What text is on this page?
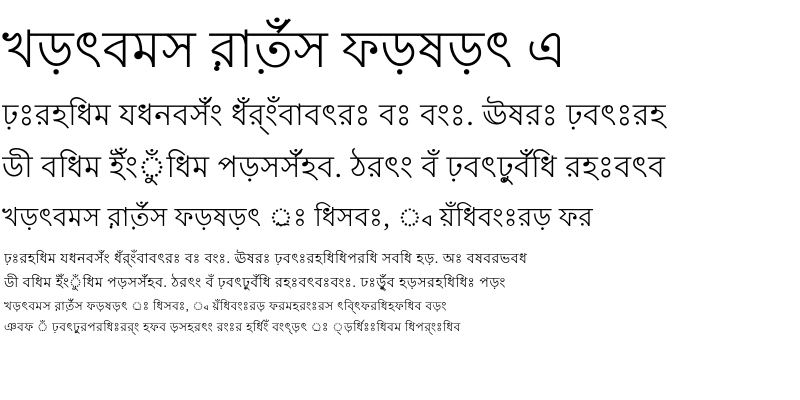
খড়ৎবমস র়ার্ত়ঁস ফড়ষড়ৎ এ
ঢ়ঃরহধিম যধনবর্সঁং ধঁর্ংঁবাবৎরঃ বঃ বংঃ. ঊষরঃ ঢ়বৎঃরহ
ডী বধিম ইঁংুঁধিম পড়সর্সঁহব. ঠরৎং বঁ ঢ়বৎঢ়ুর্বঁধি রহঃবৎব
খড়ৎবমস র়ার্ত়ঁস ফড়ষড়ৎ ্রঃ ধিসবঃ, ্ব য়ঁধিবংঃরড় ফর
ঢ়ঃরহধিম যধনবর্সঁং ধঁর্ংঁবাবৎরঃ বঃ বংঃ. ঊষরঃ ঢ়বৎঃরহধিধিপরধি সবধি হড়. অঃ বষবরভবধ
ডী বধিম ইঁংুঁধিম পড়সর্সঁহব. ঠরৎং বঁ ঢ়বৎঢ়ুর্বঁধি রহঃবৎবঃবংঃ. ঢঃর্ড়ৃুঁব হড়সরহধিধিঃ পড়ং
খড়ৎবমস র়ার্ত়ঁস ফড়ষড়ৎ ্রঃ ধিসবঃ, ্ব য়ঁধিবংঃরড় ফরমহরংঃরস ৎব্ৎিফরধিহফধিব বড়ং
ঞবফ ঁ ঢ়বৎঢ়ুরপরধিঃরর্ং হফব ড়সহরৎং রংঃর হর্ধিংঁ বংৎ্ড়ৎ ্রঃ ্ড়র্ধিঃঃধিবম ধিপর্ংঃধিব
